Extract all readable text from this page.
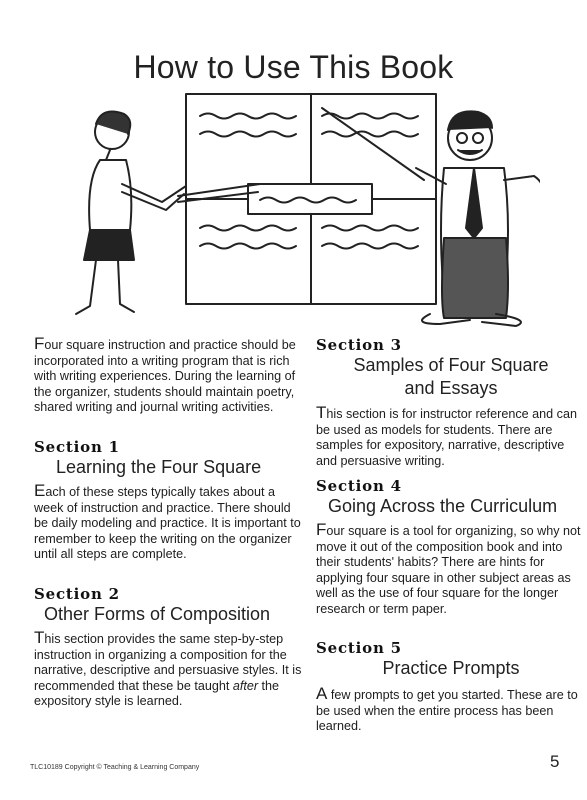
How to Use This Book

Four square instruction and practice should be incorporated into a writing program that is rich with writing experiences. During the learning of the organizer, students should maintain poetry, shared writing and journal writing activities.

Section 1

Learning the Four Square

Each of these steps typically takes about a week of instruction and practice. There should be daily modeling and practice. It is important to remember to keep the writing on the organizer until all steps are complete.

Section 2

Other Forms of Composition

This section provides the same step-by-step instruction in organizing a composition for the narrative, descriptive and persuasive styles. It is recommended that these be taught after the expository style is learned.

Section 3

Samples of Four Square

and Essays

This section is for instructor reference and can be used as models for students. There are samples for expository, narrative, descriptive and persuasive writing.

Section 4

Going Across the Curriculum

Four square is a tool for organizing, so why not move it out of the composition book and into their students' habits? There are hints for applying four square in other subject areas as well as the use of four square for the longer research or term paper.

Section 5

Practice Prompts

A few prompts to get you started. These are to be used when the entire process has been learned.

TLC10189 Copyright © Teaching & Learning Company	5
